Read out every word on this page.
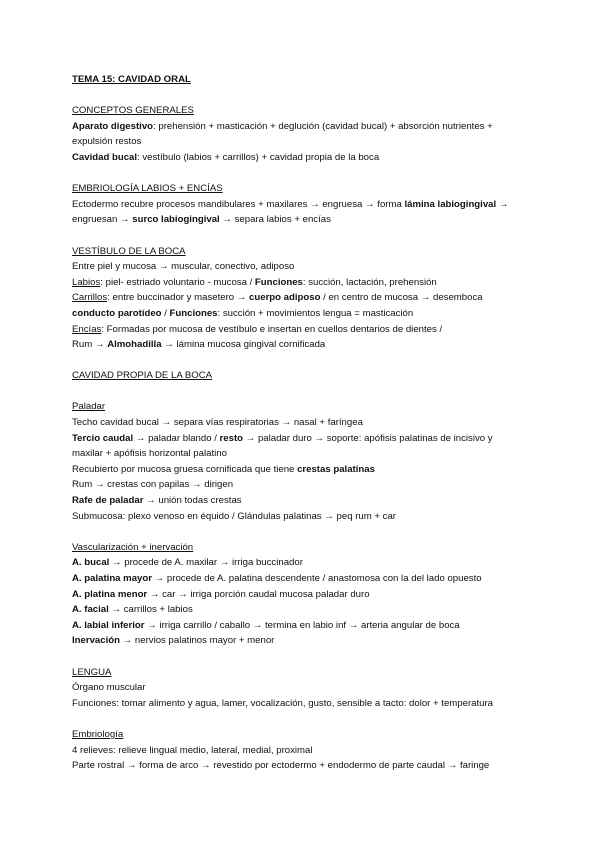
TEMA 15: CAVIDAD ORAL
CONCEPTOS GENERALES
Aparato digestivo: prehensión + masticación + deglución (cavidad bucal) + absorción nutrientes +
expulsión restos
Cavidad bucal: vestíbulo (labios + carrillos) + cavidad propia de la boca
EMBRIOLOGÍA LABIOS + ENCÍAS
Ectodermo recubre procesos mandibulares + maxilares → engruesa → forma lámina labiogingival →
engruesan → surco labiogingival → separa labios + encías
VESTÍBULO DE LA BOCA
Entre piel y mucosa → muscular, conectivo, adiposo
Labios: piel- estriado voluntario - mucosa / Funciones: succión, lactación, prehensión
Carrillos: entre buccinador y masetero → cuerpo adiposo / en centro de mucosa → desemboca
conducto parotídeo / Funciones: succión + movimientos lengua = masticación
Encías: Formadas por mucosa de vestíbulo e insertan en cuellos dentarios de dientes /
Rum → Almohadilla → lámina mucosa gingival cornificada
CAVIDAD PROPIA DE LA BOCA
Paladar
Techo cavidad bucal → separa vías respiratorias → nasal + faríngea
Tercio caudal → paladar blando / resto → paladar duro → soporte: apófisis palatinas de incisivo y
maxilar + apófisis horizontal palatino
Recubierto por mucosa gruesa cornificada que tiene crestas palatinas
Rum → crestas con papilas → dirigen
Rafe de paladar → unión todas crestas
Submucosa: plexo venoso en équido / Glándulas palatinas → peq rum + car
Vascularización + inervación
A. bucal → procede de A. maxilar → irriga buccinador
A. palatina mayor → procede de A. palatina descendente / anastomosa con la del lado opuesto
A. platina menor → car → irriga porción caudal mucosa paladar duro
A. facial → carrillos + labios
A. labial inferior → irriga carrillo / caballo → termina en labio inf → arteria angular de boca
Inervación → nervios palatinos mayor + menor
LENGUA
Órgano muscular
Funciones: tomar alimento y agua, lamer, vocalización, gusto, sensible a tacto: dolor + temperatura
Embriología
4 relieves: relieve lingual medio, lateral, medial, proximal
Parte rostral → forma de arco → revestido por ectodermo + endodermo de parte caudal → faringe
